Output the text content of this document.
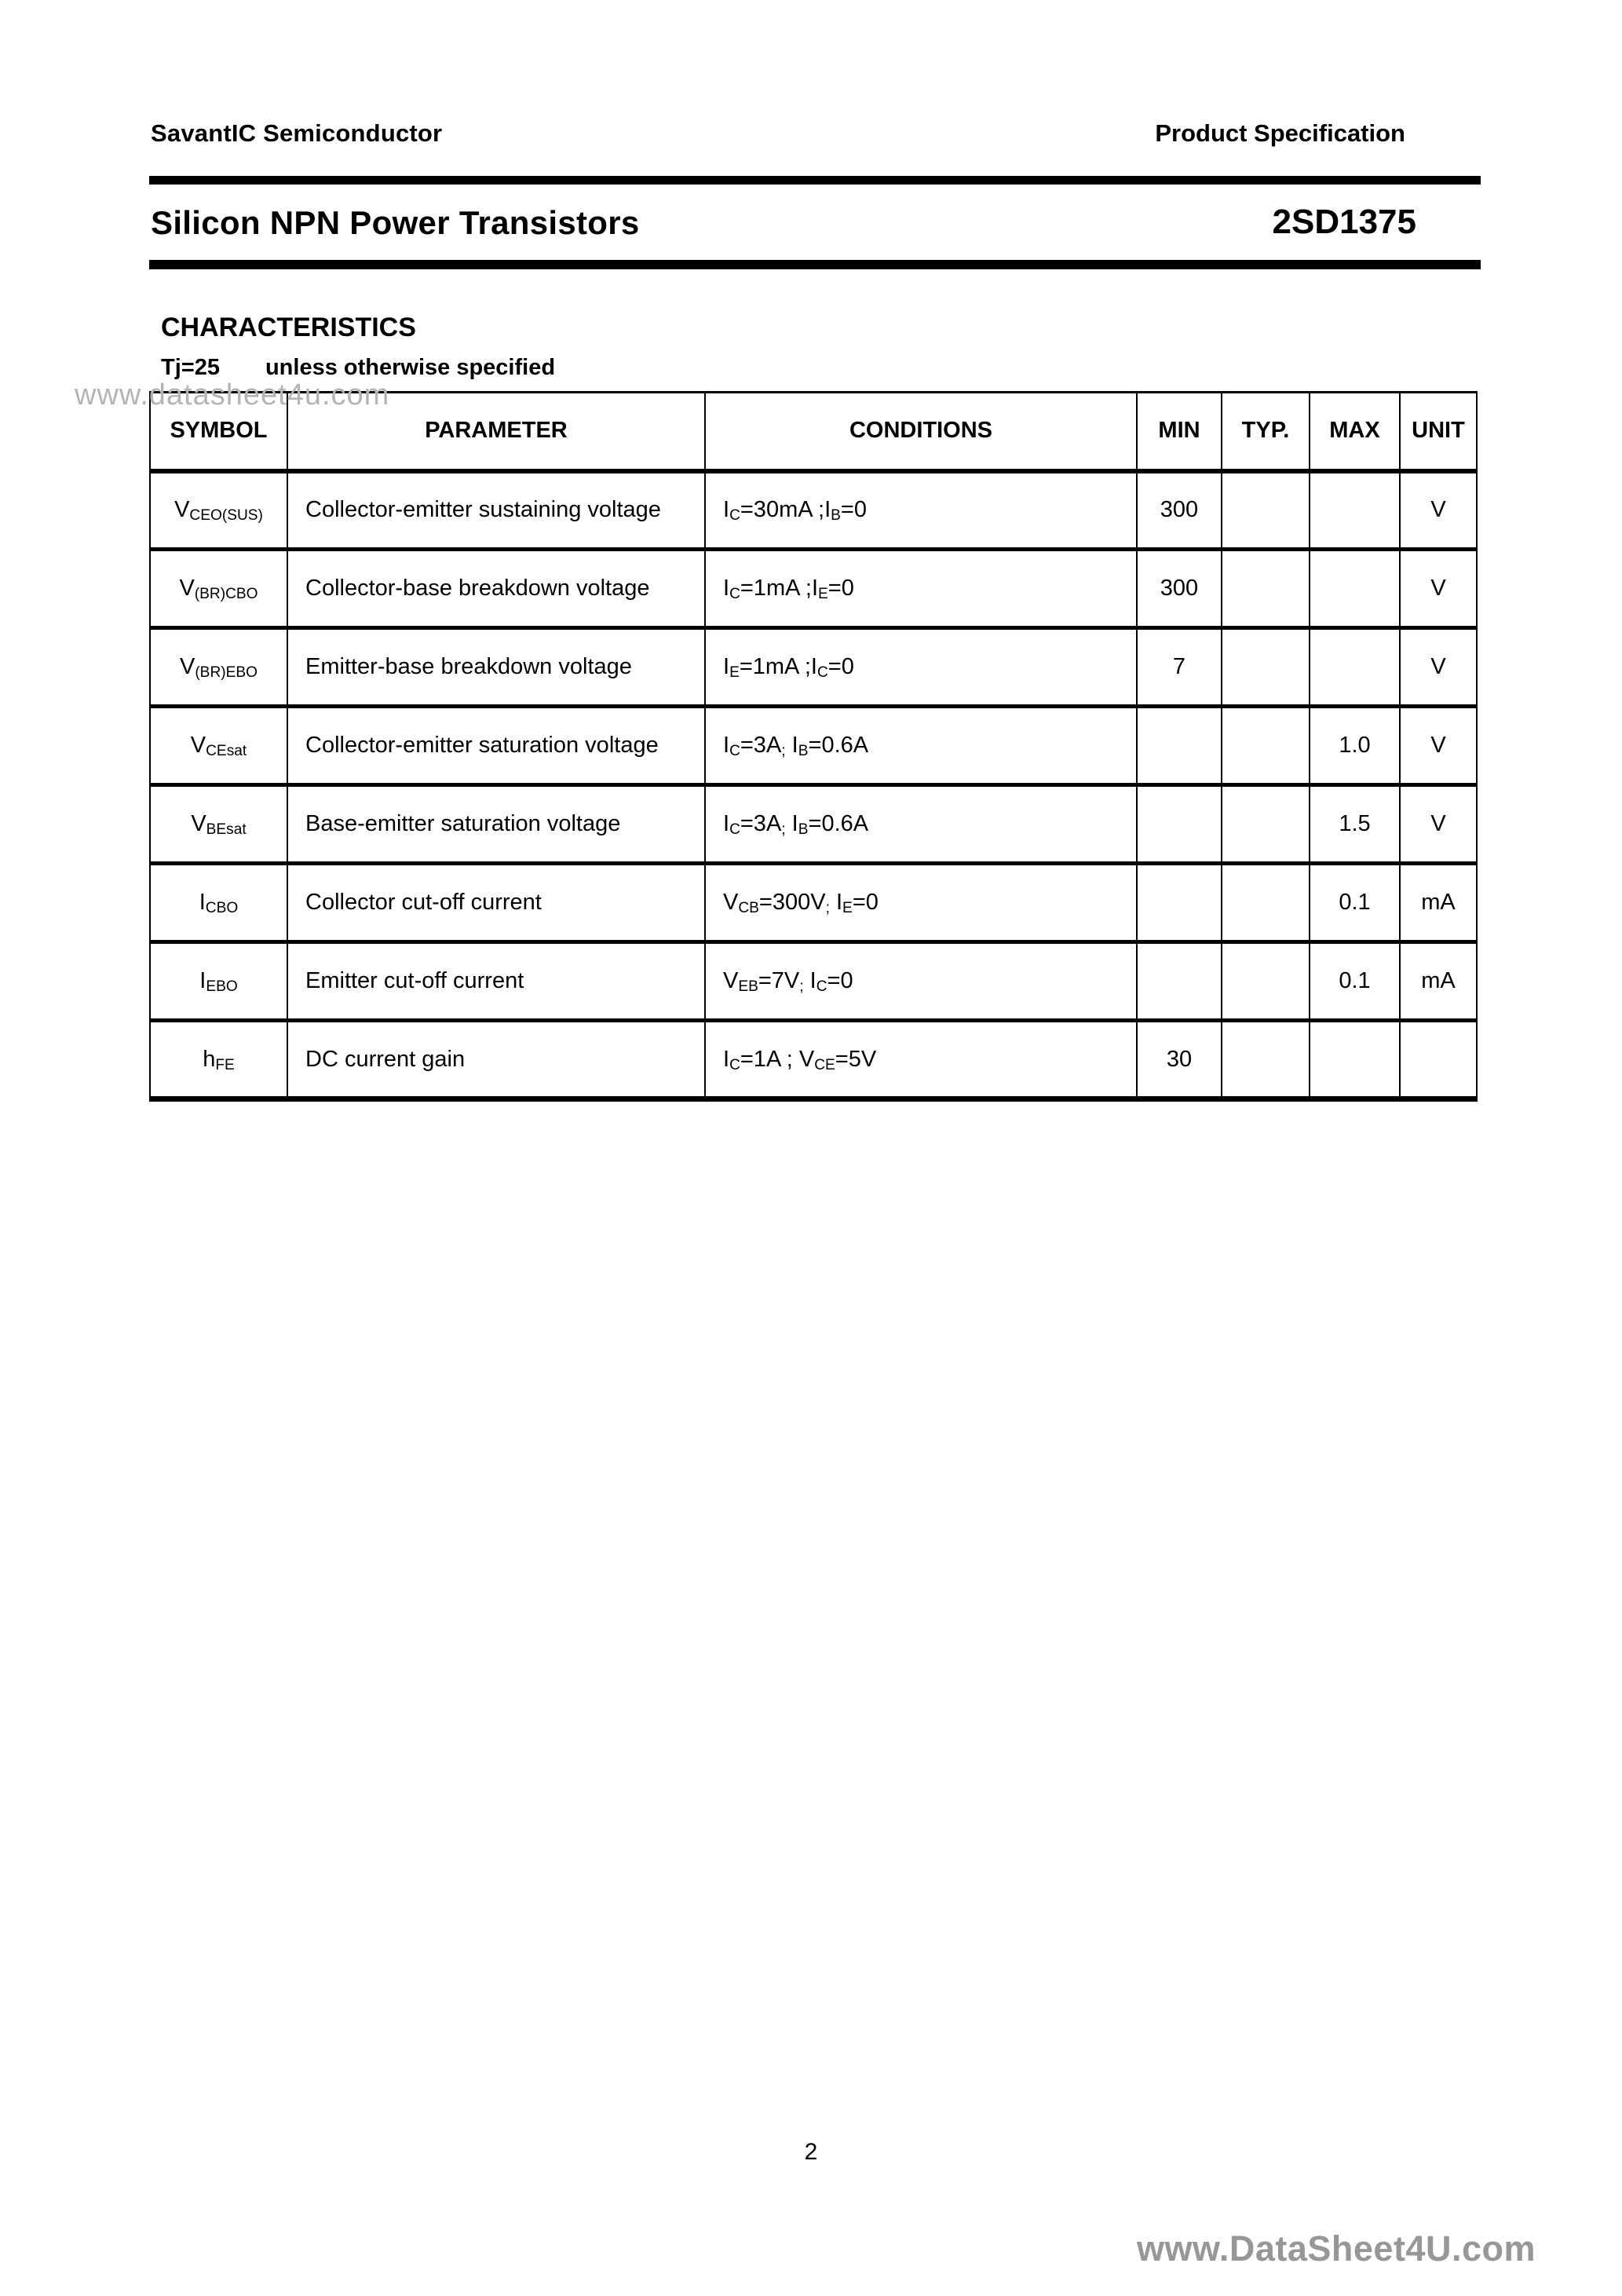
SavantIC Semiconductor	Product Specification
Silicon NPN Power Transistors	2SD1375
CHARACTERISTICS
Tj=25 unless otherwise specified
www.datasheet4u.com
SYMBOL	PARAMETER	CONDITIONS	MIN	TYP.	MAX	UNIT
$V_{CEO(SUS)}$	Collector-emitter sustaining voltage	$I_C=30mA$ $;I_B=0$	300			V
$V_{(BR)CBO}$	Collector-base breakdown voltage	$I_C=1mA$ $;I_E=0$	300			V
$V_{(BR)EBO}$	Emitter-base breakdown voltage	$I_E=1mA$ $;I_C=0$	7			V
$V_{CEsat}$	Collector-emitter saturation voltage	$I_C=3A_;$ $I_B=0.6A$			1.0	V
$V_{BEsat}$	Base-emitter saturation voltage	$I_C=3A_;$ $I_B=0.6A$			1.5	V
$I_{CBO}$	Collector cut-off current	$V_{CB}=300V_;$ $I_E=0$			0.1	mA
$I_{EBO}$	Emitter cut-off current	$V_{EB}=7V_;$ $I_C=0$			0.1	mA
$h_{FE}$	DC current gain	$I_C=1A$ ; $V_{CE}=5V$	30			
2
www.DataSheet4U.com
